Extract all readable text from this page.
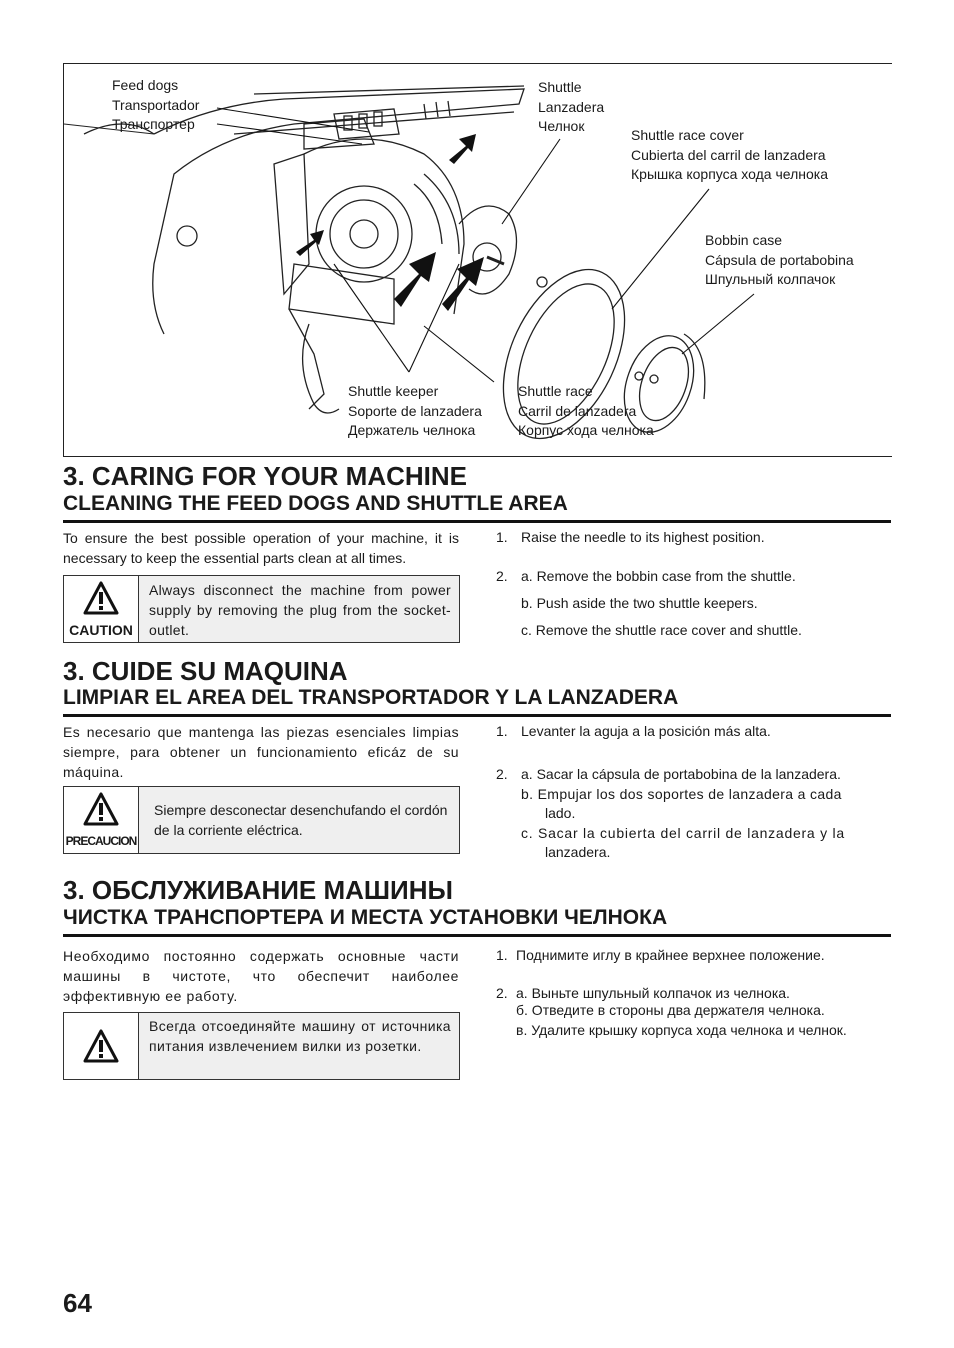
Feed dogs
Transportador
Транспортер
Shuttle
Lanzadera
Челнок
Shuttle race cover
Cubierta del carril de lanzadera
Крышка корпуса хода челнока
Bobbin case
Cápsula de portabobina
Шпульный колпачок
Shuttle keeper
Soporte de lanzadera
Держатель челнока
Shuttle race
Carril de lanzadera
Корпус хода челнока
3. CARING FOR YOUR MACHINE
CLEANING THE FEED DOGS AND SHUTTLE AREA
To ensure the best possible operation of your machine, it is necessary to keep the essential parts clean at all times.
CAUTION
Always disconnect the machine from power supply by removing the plug from the socket-outlet.
1. Raise the needle to its highest position.
2. a. Remove the bobbin case from the shuttle.
b. Push aside the two shuttle keepers.
c. Remove the shuttle race cover and shuttle.
3. CUIDE SU MAQUINA
LIMPIAR EL AREA DEL TRANSPORTADOR Y LA LANZADERA
Es necesario que mantenga las piezas esenciales limpias siempre, para obtener un funcionamiento eficáz de su máquina.
PRECAUCION
Siempre desconectar desenchufando el cordón de la corriente eléctrica.
1. Levanter la aguja a la posición más alta.
2. a. Sacar la cápsula de portabobina de la lanzadera.
b. Empujar los dos soportes de lanzadera a cada
lado.
c. Sacar la cubierta del carril de lanzadera y la
lanzadera.
3. ОБСЛУЖИВАНИЕ МАШИНЫ
ЧИСТКА ТРАНСПОРТЕРА И МЕСТА УСТАНОВКИ ЧЕЛНОКА
Необходимо постоянно содержать основные части машины в чистоте, что обеспечит наиболее эффективную ее работу.
Всегда отсоединяйте машину от источника питания извлечением вилки из розетки.
1. Поднимите иглу в крайнее верхнее положение.
2. а. Выньте шпульный колпачок из челнока.
б. Отведите в стороны два держателя челнока.
в. Удалите крышку корпуса хода челнока и челнок.
64
